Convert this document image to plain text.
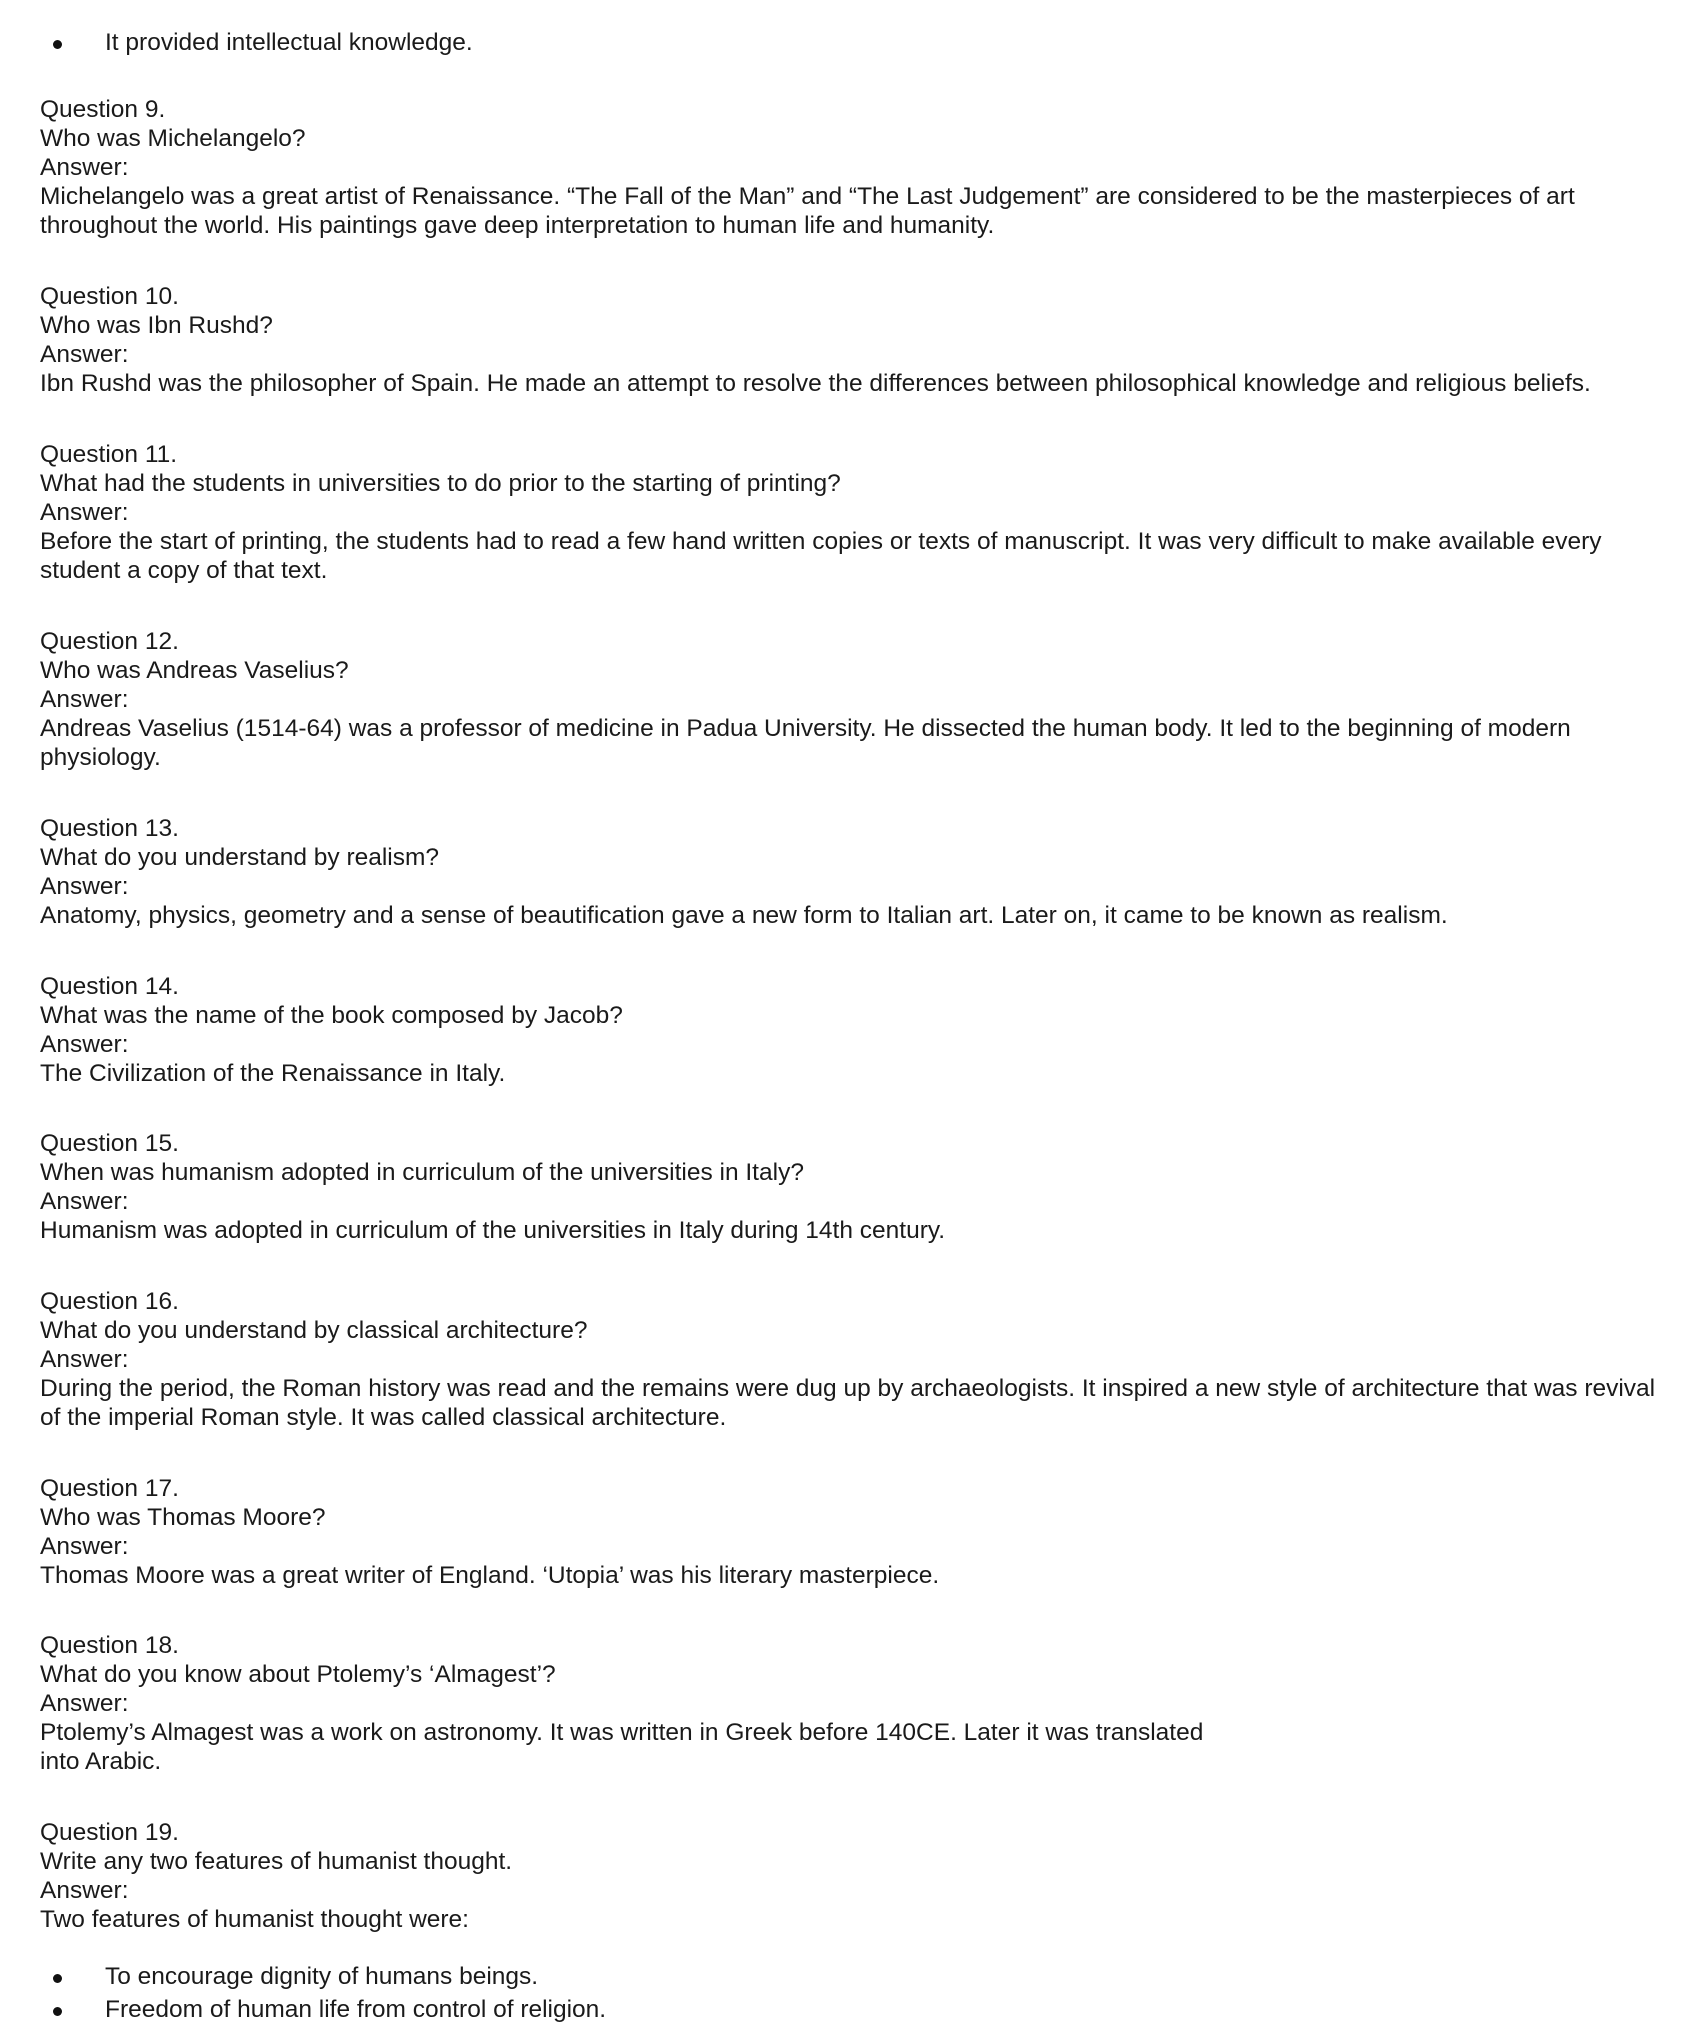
It provided intellectual knowledge.
Question 9.
Who was Michelangelo?
Answer:
Michelangelo was a great artist of Renaissance. “The Fall of the Man” and “The Last Judgement” are considered to be the masterpieces of art throughout the world. His paintings gave deep interpretation to human life and humanity.
Question 10.
Who was Ibn Rushd?
Answer:
Ibn Rushd was the philosopher of Spain. He made an attempt to resolve the differences between philosophical knowledge and religious beliefs.
Question 11.
What had the students in universities to do prior to the starting of printing?
Answer:
Before the start of printing, the students had to read a few hand written copies or texts of manuscript. It was very difficult to make available every student a copy of that text.
Question 12.
Who was Andreas Vaselius?
Answer:
Andreas Vaselius (1514-64) was a professor of medicine in Padua University. He dissected the human body. It led to the beginning of modern physiology.
Question 13.
What do you understand by realism?
Answer:
Anatomy, physics, geometry and a sense of beautification gave a new form to Italian art. Later on, it came to be known as realism.
Question 14.
What was the name of the book composed by Jacob?
Answer:
The Civilization of the Renaissance in Italy.
Question 15.
When was humanism adopted in curriculum of the universities in Italy?
Answer:
Humanism was adopted in curriculum of the universities in Italy during 14th century.
Question 16.
What do you understand by classical architecture?
Answer:
During the period, the Roman history was read and the remains were dug up by archaeologists. It inspired a new style of architecture that was revival of the imperial Roman style. It was called classical architecture.
Question 17.
Who was Thomas Moore?
Answer:
Thomas Moore was a great writer of England. ‘Utopia’ was his literary masterpiece.
Question 18.
What do you know about Ptolemy’s ‘Almagest’?
Answer:
Ptolemy’s Almagest was a work on astronomy. It was written in Greek before 140CE. Later it was translated
into Arabic.
Question 19.
Write any two features of humanist thought.
Answer:
Two features of humanist thought were:
To encourage dignity of humans beings.
Freedom of human life from control of religion.
